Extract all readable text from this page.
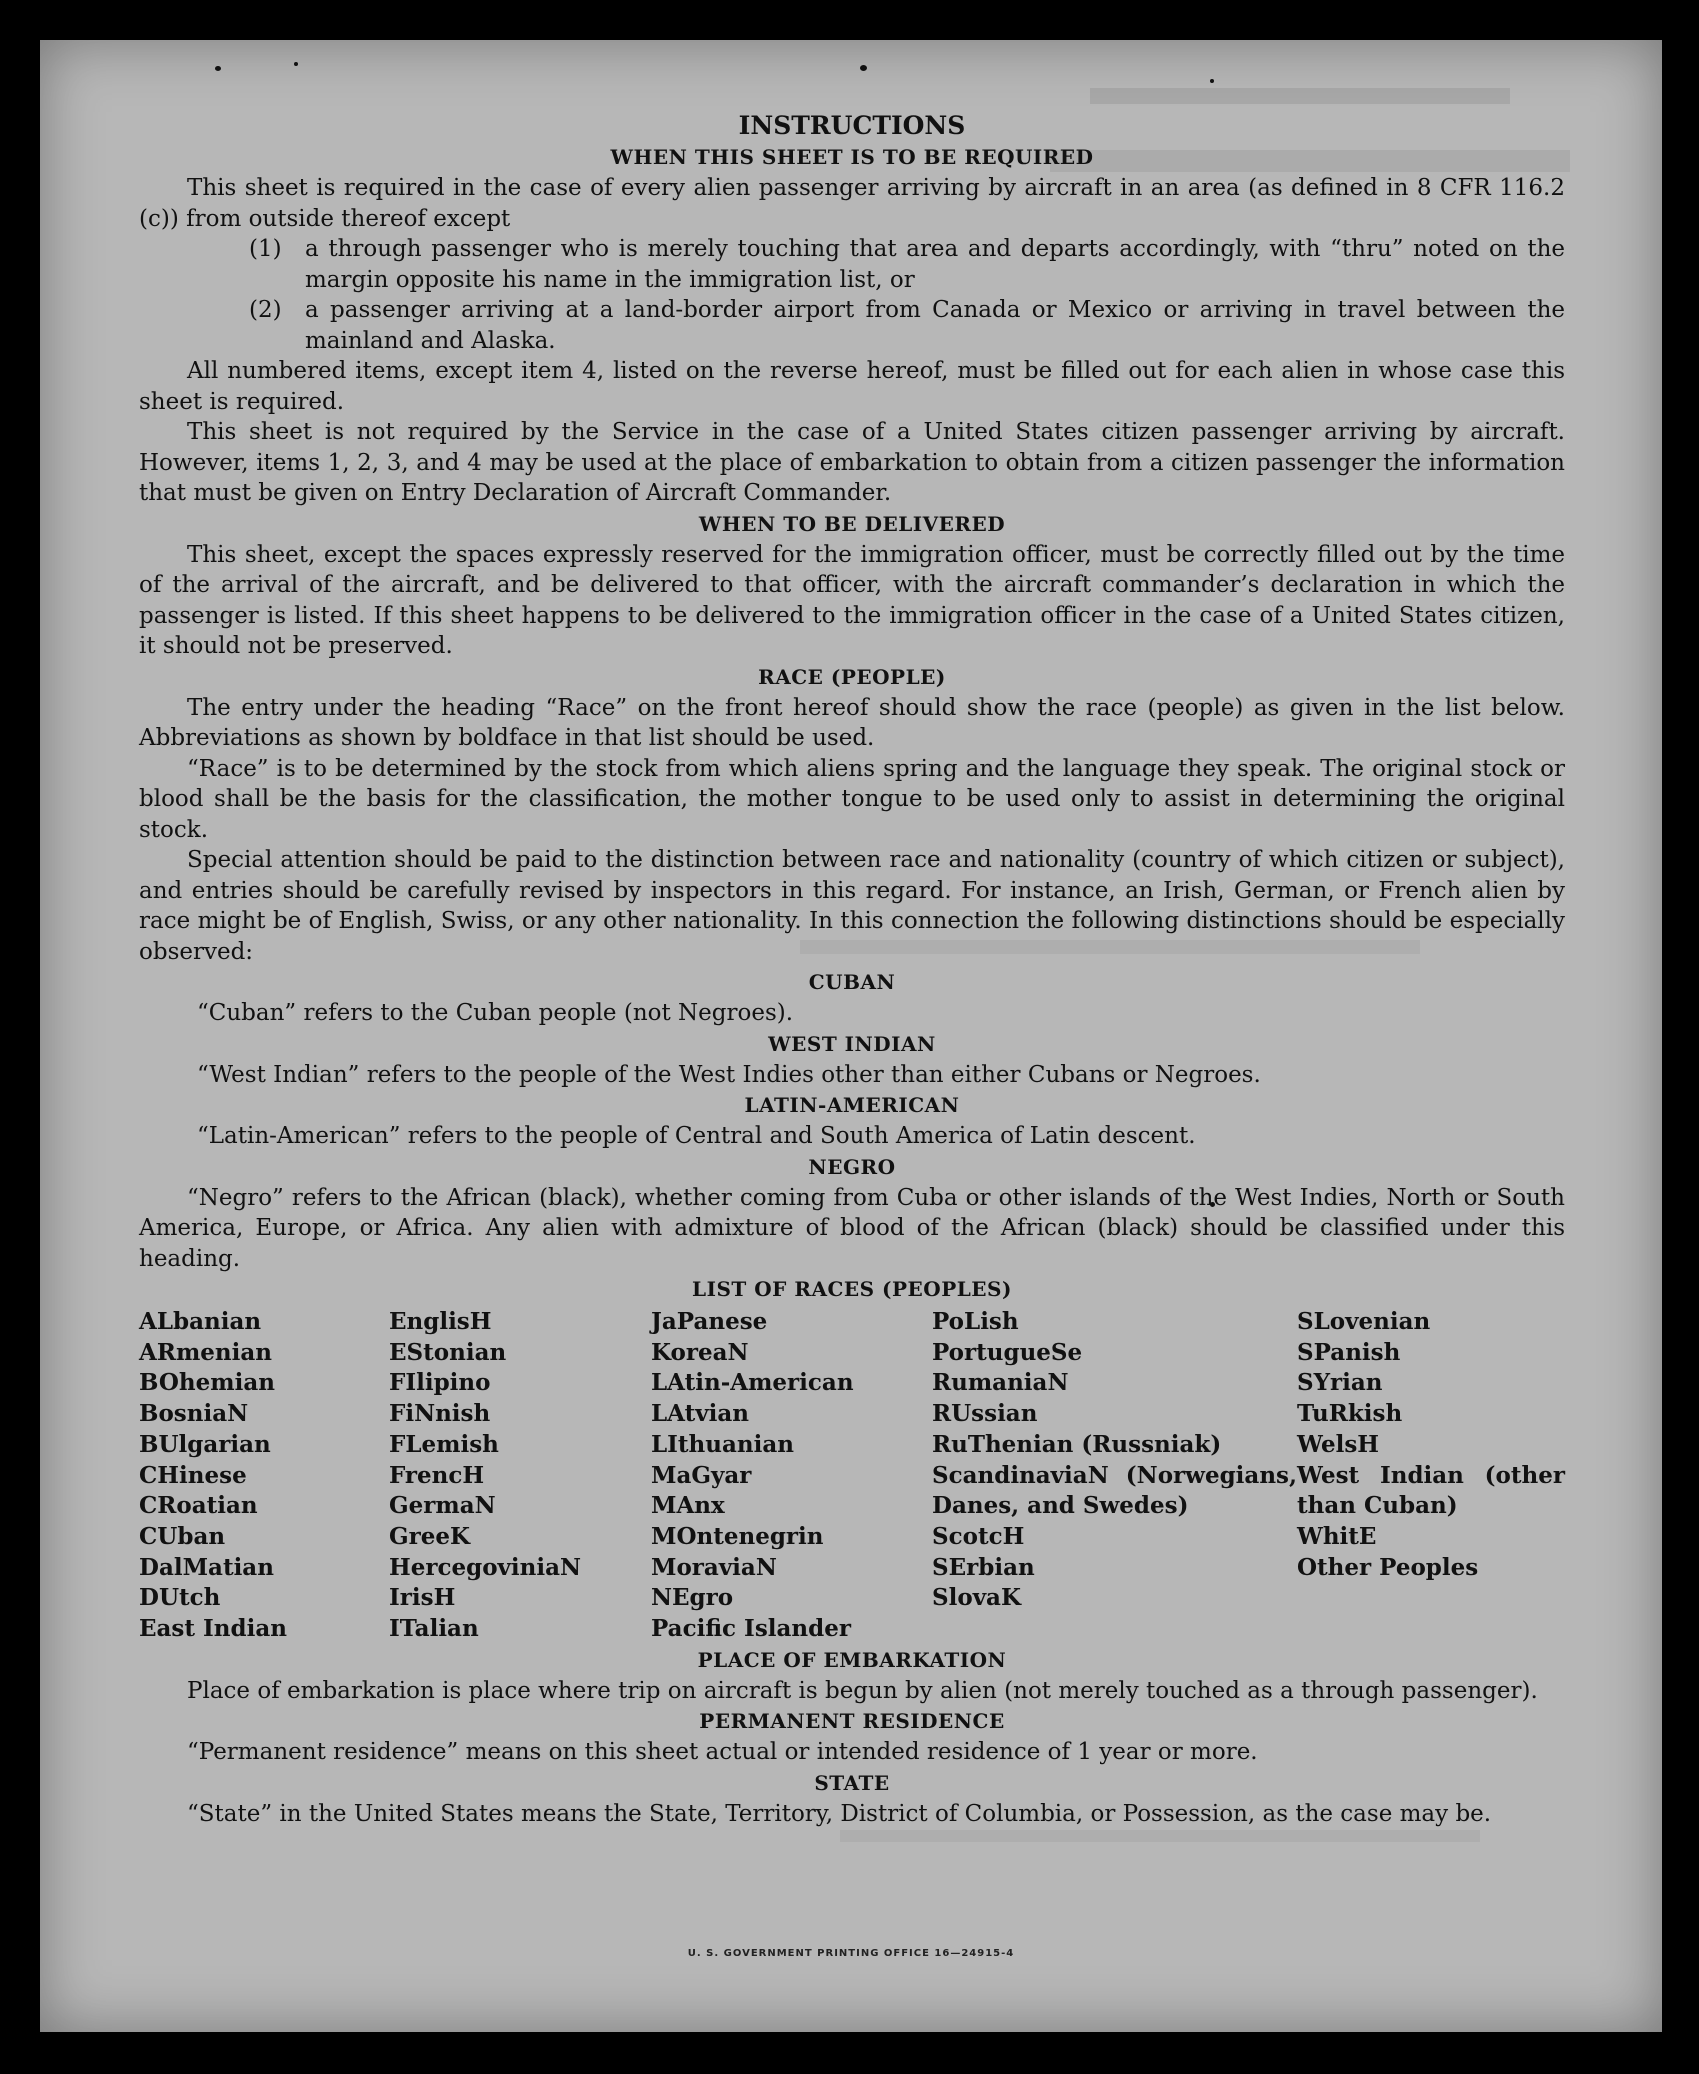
INSTRUCTIONS
WHEN THIS SHEET IS TO BE REQUIRED

This sheet is required in the case of every alien passenger arriving by aircraft in an area (as defined in 8 CFR 116.2 (c)) from outside thereof except

(1)	a through passenger who is merely touching that area and departs accordingly, with “thru” noted on the margin opposite his name in the immigration list, or
(2)	a passenger arriving at a land-border airport from Canada or Mexico or arriving in travel between the mainland and Alaska.

All numbered items, except item 4, listed on the reverse hereof, must be filled out for each alien in whose case this sheet is required.

This sheet is not required by the Service in the case of a United States citizen passenger arriving by aircraft. However, items 1, 2, 3, and 4 may be used at the place of embarkation to obtain from a citizen passenger the information that must be given on Entry Declaration of Aircraft Commander.

WHEN TO BE DELIVERED

This sheet, except the spaces expressly reserved for the immigration officer, must be correctly filled out by the time of the arrival of the aircraft, and be delivered to that officer, with the aircraft commander’s declaration in which the passenger is listed. If this sheet happens to be delivered to the immigration officer in the case of a United States citizen, it should not be preserved.

RACE (PEOPLE)

The entry under the heading “Race” on the front hereof should show the race (people) as given in the list below. Abbreviations as shown by boldface in that list should be used.

“Race” is to be determined by the stock from which aliens spring and the language they speak. The original stock or blood shall be the basis for the classification, the mother tongue to be used only to assist in determining the original stock.

Special attention should be paid to the distinction between race and nationality (country of which citizen or subject), and entries should be carefully revised by inspectors in this regard. For instance, an Irish, German, or French alien by race might be of English, Swiss, or any other nationality. In this connection the following distinctions should be especially observed:

CUBAN

“Cuban” refers to the Cuban people (not Negroes).

WEST INDIAN

“West Indian” refers to the people of the West Indies other than either Cubans or Negroes.

LATIN-AMERICAN

“Latin-American” refers to the people of Central and South America of Latin descent.

NEGRO

“Negro” refers to the African (black), whether coming from Cuba or other islands of the West Indies, North or South America, Europe, or Africa. Any alien with admixture of blood of the African (black) should be classified under this heading.

LIST OF RACES (PEOPLES)
ALbanian
ARmenian
BOhemian
BosniaN
BUlgarian
CHinese
CRoatian
CUban
DalMatian
DUtch
East Indian
EnglisH
EStonian
FIlipino
FiNnish
FLemish
FrencH
GermaN
GreeK
HercegoviniaN
IrisH
ITalian
JaPanese
KoreaN
LAtin-American
LAtvian
LIthuanian
MaGyar
MAnx
MOntenegrin
MoraviaN
NEgro
Pacific Islander
PoLish
PortugueSe
RumaniaN
RUssian
RuThenian (Russniak)
ScandinaviaN (Norwegians, Danes, and Swedes)
ScotcH
SErbian
SlovaK
SLovenian
SPanish
SYrian
TuRkish
WelsH
West Indian (other than Cuban)
WhitE
Other Peoples
PLACE OF EMBARKATION

Place of embarkation is place where trip on aircraft is begun by alien (not merely touched as a through passenger).

PERMANENT RESIDENCE

“Permanent residence” means on this sheet actual or intended residence of 1 year or more.

STATE

“State” in the United States means the State, Territory, District of Columbia, or Possession, as the case may be.

U. S. GOVERNMENT PRINTING OFFICE 16—24915-4
